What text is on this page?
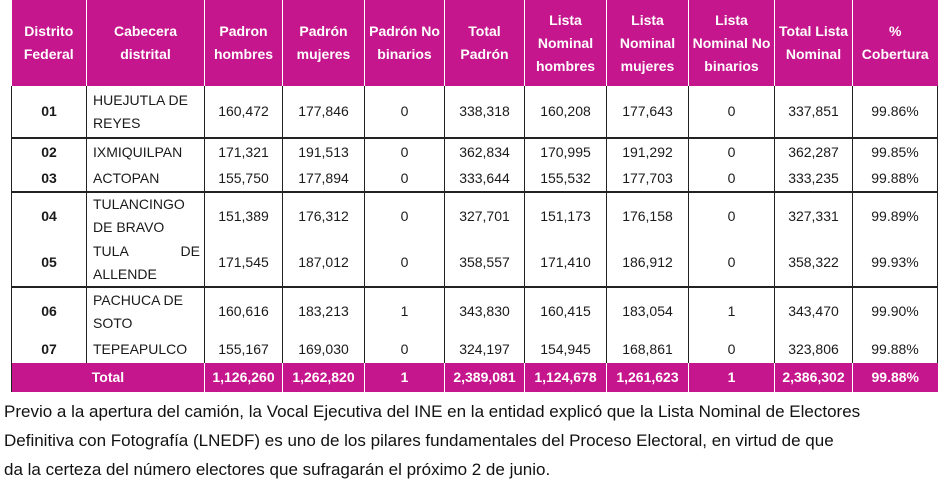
Distrito Federal	Cabecera distrital	Padron hombres	Padrón mujeres	Padrón No binarios	Total Padrón	Lista Nominal hombres	Lista Nominal mujeres	Lista Nominal No binarios	Total Lista Nominal	% Cobertura
01	HUEJUTLA DE REYES	160,472	177,846	0	338,318	160,208	177,643	0	337,851	99.86%
02	IXMIQUILPAN	171,321	191,513	0	362,834	170,995	191,292	0	362,287	99.85%
03	ACTOPAN	155,750	177,894	0	333,644	155,532	177,703	0	333,235	99.88%
04	TULANCINGO DE BRAVO	151,389	176,312	0	327,701	151,173	176,158	0	327,331	99.89%
05	TULA DE ALLENDE	171,545	187,012	0	358,557	171,410	186,912	0	358,322	99.93%
06	PACHUCA DE SOTO	160,616	183,213	1	343,830	160,415	183,054	1	343,470	99.90%
07	TEPEAPULCO	155,167	169,030	0	324,197	154,945	168,861	0	323,806	99.88%
Total		1,126,260	1,262,820	1	2,389,081	1,124,678	1,261,623	1	2,386,302	99.88%
Previo a la apertura del camión, la Vocal Ejecutiva del INE en la entidad explicó que la Lista Nominal de Electores
Definitiva con Fotografía (LNEDF) es uno de los pilares fundamentales del Proceso Electoral, en virtud de que
da la certeza del número electores que sufragarán el próximo 2 de junio.
